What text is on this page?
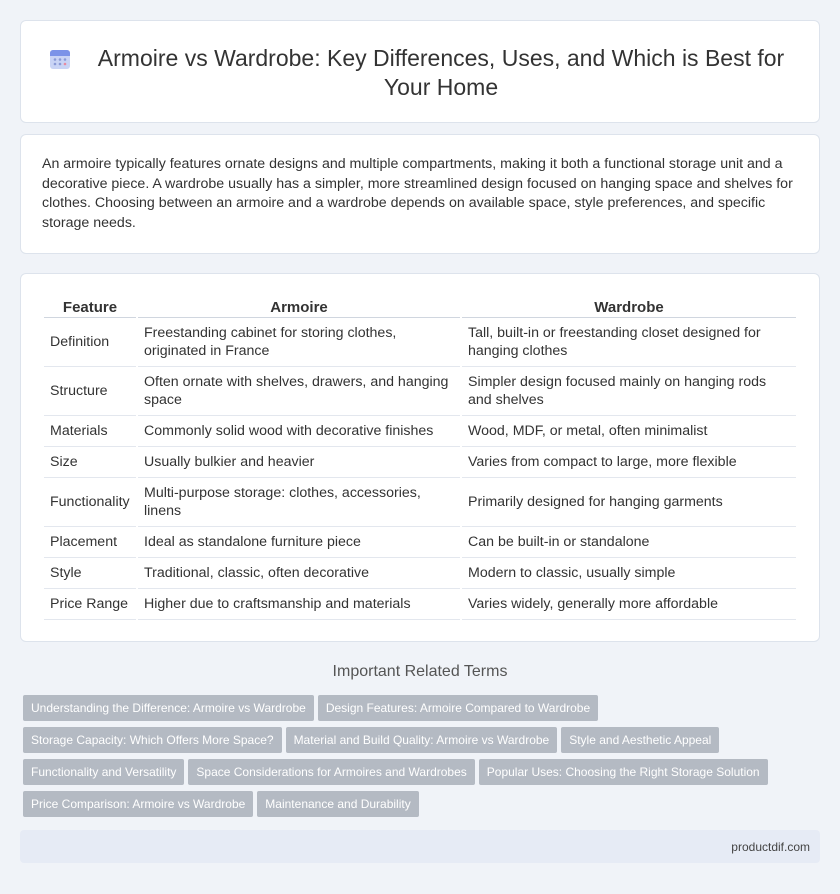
Armoire vs Wardrobe: Key Differences, Uses, and Which is Best for Your Home

An armoire typically features ornate designs and multiple compartments, making it both a functional storage unit and a decorative piece. A wardrobe usually has a simpler, more streamlined design focused on hanging space and shelves for clothes. Choosing between an armoire and a wardrobe depends on available space, style preferences, and specific storage needs.

Feature	Armoire	Wardrobe
Definition	Freestanding cabinet for storing clothes, originated in France	Tall, built-in or freestanding closet designed for hanging clothes
Structure	Often ornate with shelves, drawers, and hanging space	Simpler design focused mainly on hanging rods and shelves
Materials	Commonly solid wood with decorative finishes	Wood, MDF, or metal, often minimalist
Size	Usually bulkier and heavier	Varies from compact to large, more flexible
Functionality	Multi-purpose storage: clothes, accessories, linens	Primarily designed for hanging garments
Placement	Ideal as standalone furniture piece	Can be built-in or standalone
Style	Traditional, classic, often decorative	Modern to classic, usually simple
Price Range	Higher due to craftsmanship and materials	Varies widely, generally more affordable
Important Related Terms
Understanding the Difference: Armoire vs Wardrobe Design Features: Armoire Compared to Wardrobe
Storage Capacity: Which Offers More Space? Material and Build Quality: Armoire vs Wardrobe Style and Aesthetic Appeal
Functionality and Versatility Space Considerations for Armoires and Wardrobes Popular Uses: Choosing the Right Storage Solution
Price Comparison: Armoire vs Wardrobe Maintenance and Durability
productdif.com
